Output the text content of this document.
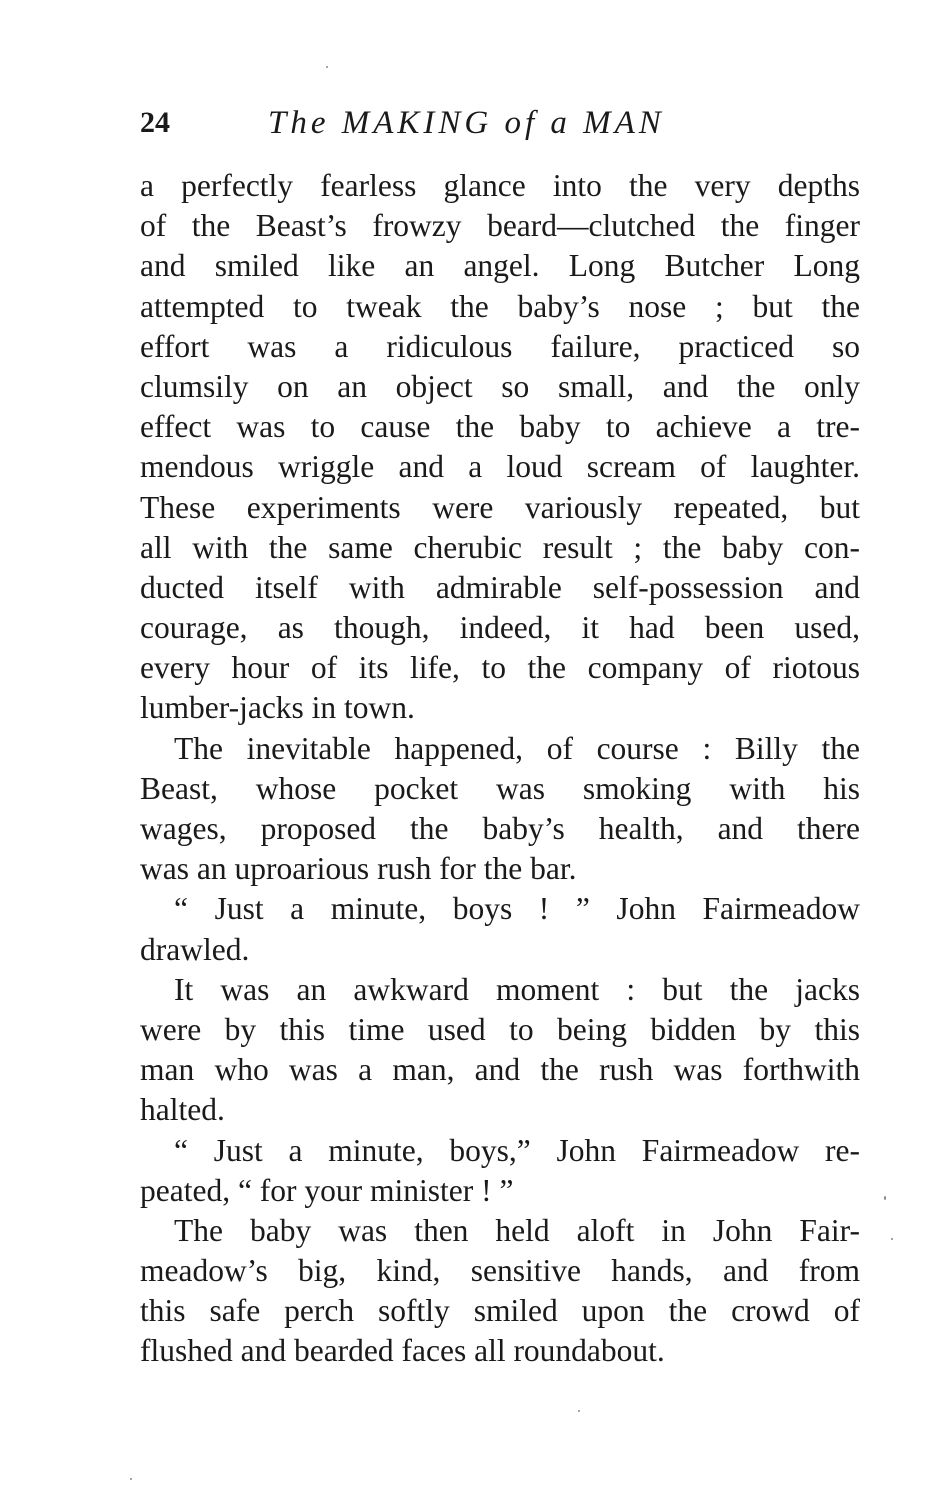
24	The MAKING of a MAN
a perfectly fearless glance into the very depths
of the Beast’s frowzy beard—clutched the finger
and smiled like an angel. Long Butcher Long
attempted to tweak the baby’s nose ; but the
effort was a ridiculous failure, practiced so
clumsily on an object so small, and the only
effect was to cause the baby to achieve a tre-
mendous wriggle and a loud scream of laughter.
These experiments were variously repeated, but
all with the same cherubic result ; the baby con-
ducted itself with admirable self-possession and
courage, as though, indeed, it had been used,
every hour of its life, to the company of riotous
lumber-jacks in town.
The inevitable happened, of course : Billy the
Beast, whose pocket was smoking with his
wages, proposed the baby’s health, and there
was an uproarious rush for the bar.
“ Just a minute, boys ! ” John Fairmeadow
drawled.
It was an awkward moment : but the jacks
were by this time used to being bidden by this
man who was a man, and the rush was forthwith
halted.
“ Just a minute, boys,” John Fairmeadow re-
peated, “ for your minister ! ”
The baby was then held aloft in John Fair-
meadow’s big, kind, sensitive hands, and from
this safe perch softly smiled upon the crowd of
flushed and bearded faces all roundabout.
